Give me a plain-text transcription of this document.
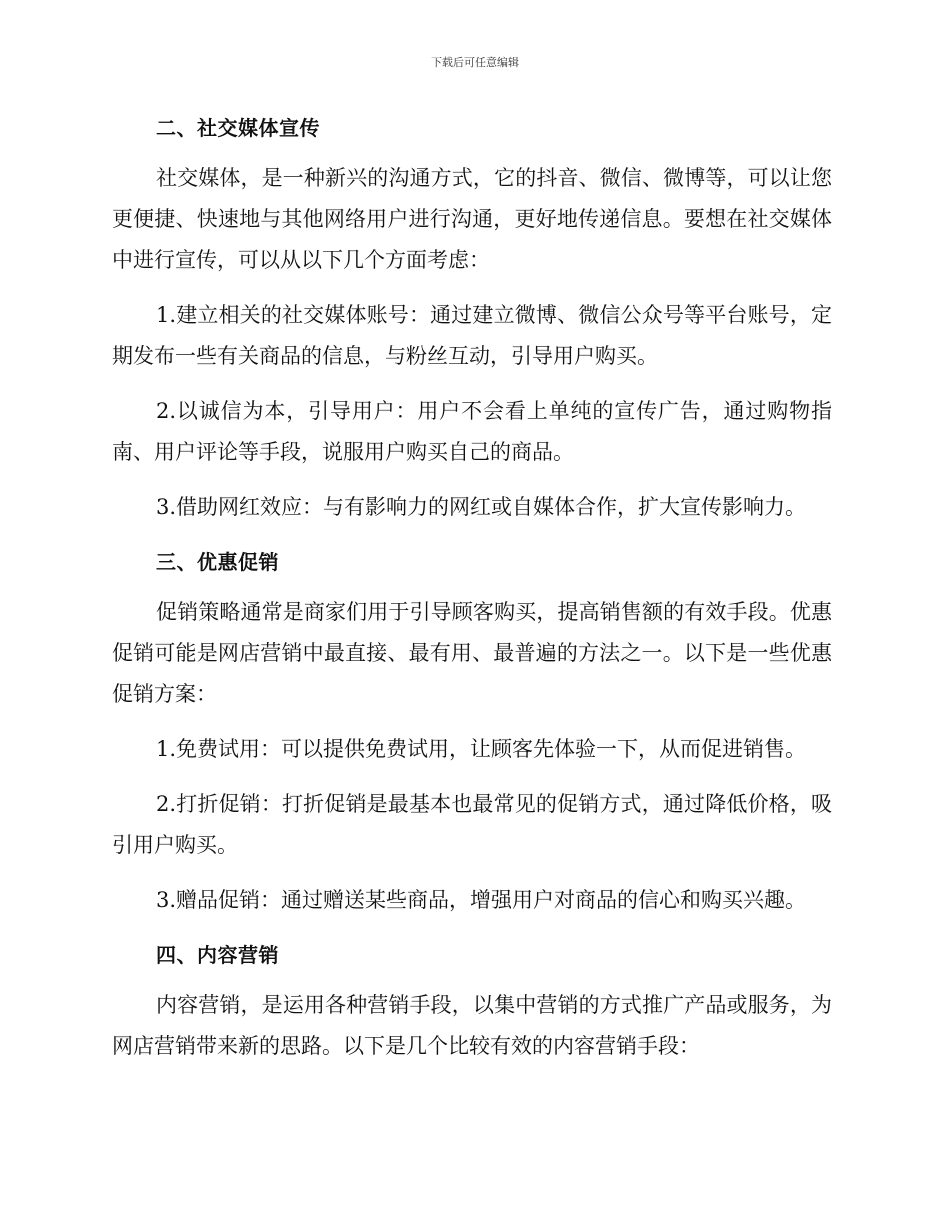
下载后可任意编辑
二、社交媒体宣传

社交媒体，是一种新兴的沟通方式，它的抖音、微信、微博等，可以让您更便捷、快速地与其他网络用户进行沟通，更好地传递信息。要想在社交媒体中进行宣传，可以从以下几个方面考虑：

1.建立相关的社交媒体账号：通过建立微博、微信公众号等平台账号，定期发布一些有关商品的信息，与粉丝互动，引导用户购买。

2.以诚信为本，引导用户：用户不会看上单纯的宣传广告，通过购物指南、用户评论等手段，说服用户购买自己的商品。

3.借助网红效应：与有影响力的网红或自媒体合作，扩大宣传影响力。

三、优惠促销

促销策略通常是商家们用于引导顾客购买，提高销售额的有效手段。优惠促销可能是网店营销中最直接、最有用、最普遍的方法之一。以下是一些优惠促销方案：

1.免费试用：可以提供免费试用，让顾客先体验一下，从而促进销售。

2.打折促销：打折促销是最基本也最常见的促销方式，通过降低价格，吸引用户购买。

3.赠品促销：通过赠送某些商品，增强用户对商品的信心和购买兴趣。

四、内容营销

内容营销，是运用各种营销手段，以集中营销的方式推广产品或服务，为网店营销带来新的思路。以下是几个比较有效的内容营销手段：
